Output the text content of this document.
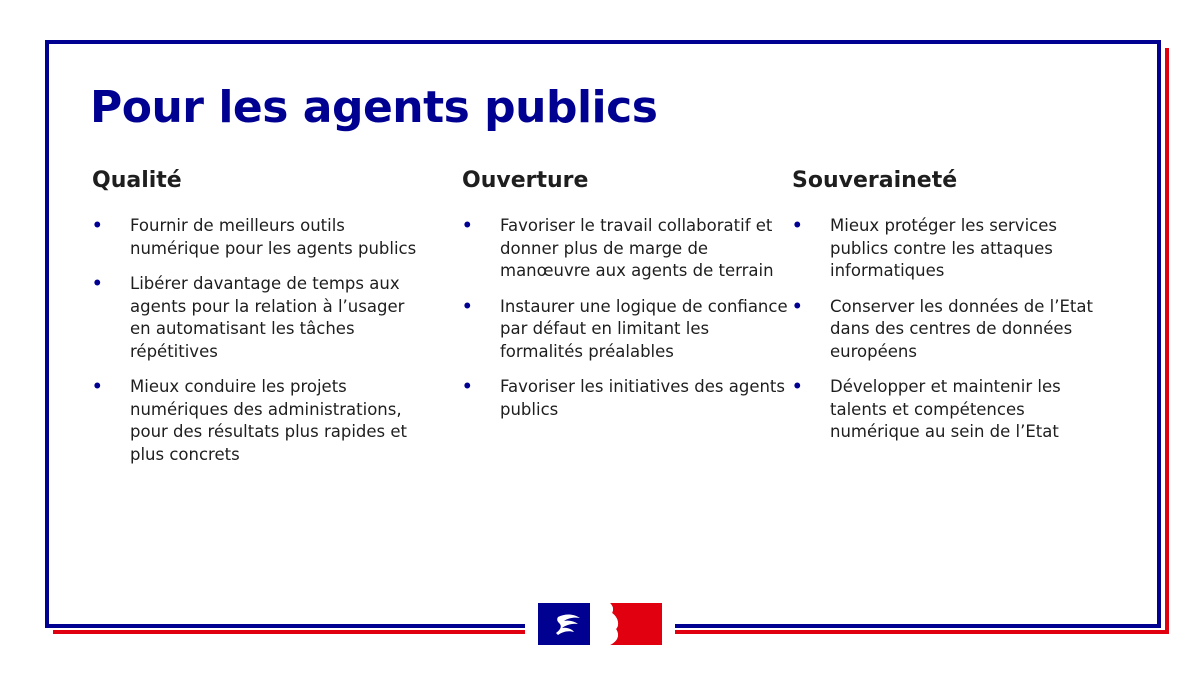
Pour les agents publics
Qualité
• Fournir de meilleurs outils numérique pour les agents publics
• Libérer davantage de temps aux agents pour la relation à l’usager en automatisant les tâches répétitives
• Mieux conduire les projets numériques des administrations, pour des résultats plus rapides et plus concrets
Ouverture
• Favoriser le travail collaboratif et donner plus de marge de manœuvre aux agents de terrain
• Instaurer une logique de confiance par défaut en limitant les formalités préalables
• Favoriser les initiatives des agents publics
Souveraineté
• Mieux protéger les services publics contre les attaques informatiques
• Conserver les données de l’Etat dans des centres de données européens
• Développer et maintenir les talents et compétences numérique au sein de l’Etat
